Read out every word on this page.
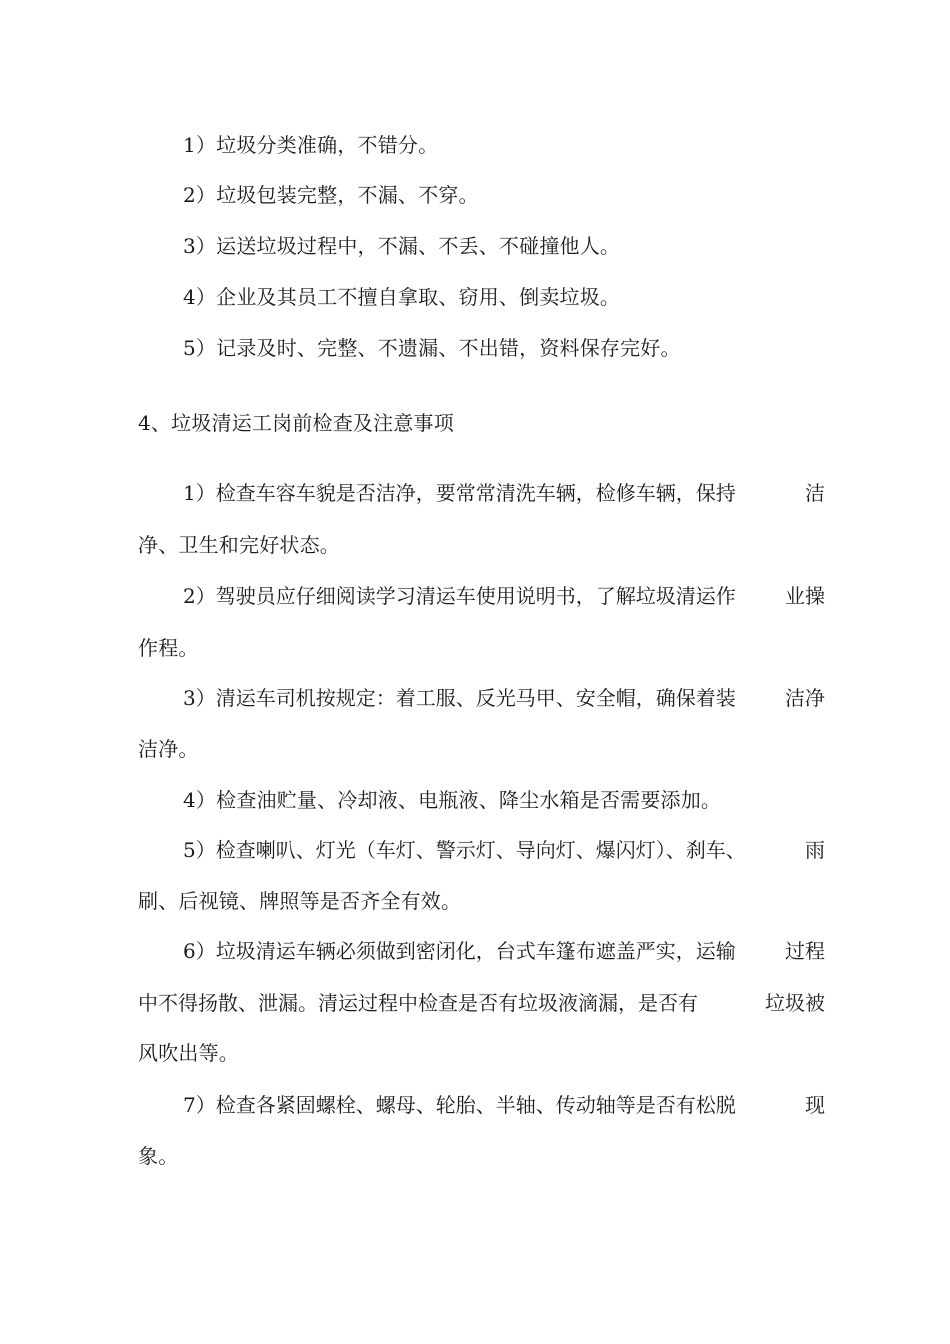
1）垃圾分类准确，不错分。
2）垃圾包装完整，不漏、不穿。
3）运送垃圾过程中，不漏、不丢、不碰撞他人。
4）企业及其员工不擅自拿取、窃用、倒卖垃圾。
5）记录及时、完整、不遗漏、不出错，资料保存完好。
4、垃圾清运工岗前检查及注意事项
1）检查车容车貌是否洁净，要常常清洗车辆，检修车辆，保持	洁
净、卫生和完好状态。
2）驾驶员应仔细阅读学习清运车使用说明书，了解垃圾清运作 业操
作程。
3）清运车司机按规定：着工服、反光马甲、安全帽，确保着装 洁净
洁净。
4）检查油贮量、冷却液、电瓶液、降尘水箱是否需要添加。
5）检查喇叭、灯光（车灯、警示灯、导向灯、爆闪灯）、刹车、	雨
刷、后视镜、牌照等是否齐全有效。
6）垃圾清运车辆必须做到密闭化，台式车篷布遮盖严实，运输 过程
中不得扬散、泄漏。清运过程中检查是否有垃圾液滴漏，是否有	垃圾被
风吹出等。
7）检查各紧固螺栓、螺母、轮胎、半轴、传动轴等是否有松脱	现
象。
